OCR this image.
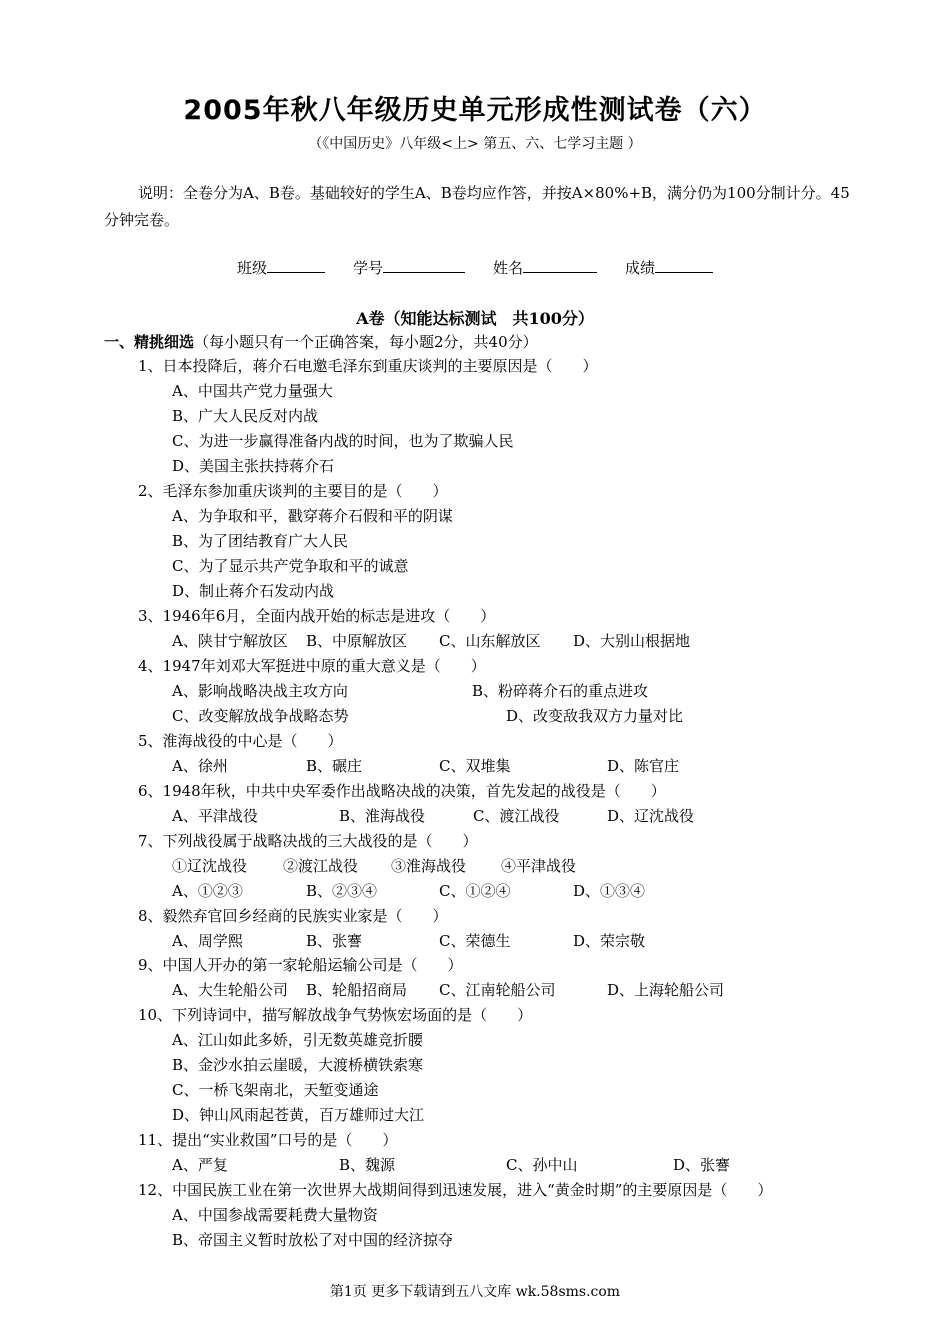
2005年秋八年级历史单元形成性测试卷（六）
（《中国历史》八年级<上> 第五、六、七学习主题 ）
说明：全卷分为A、B卷。基础较好的学生A、B卷均应作答，并按A×80%+B，满分仍为100分制计分。45分钟完卷。
班级	学号	姓名	成绩
A卷（知能达标测试　共100分）
一、精挑细选（每小题只有一个正确答案，每小题2分，共40分）
1、日本投降后，蒋介石电邀毛泽东到重庆谈判的主要原因是（　　）
A、中国共产党力量强大
B、广大人民反对内战
C、为进一步赢得准备内战的时间，也为了欺骗人民
D、美国主张扶持蒋介石
2、毛泽东参加重庆谈判的主要目的是（　　）
A、为争取和平，戳穿蒋介石假和平的阴谋
B、为了团结教育广大人民
C、为了显示共产党争取和平的诚意
D、制止蒋介石发动内战
3、1946年6月，全面内战开始的标志是进攻（　　）
A、陕甘宁解放区 B、中原解放区 C、山东解放区 D、大别山根据地
4、1947年刘邓大军挺进中原的重大意义是（　　）
A、影响战略决战主攻方向	B、粉碎蒋介石的重点进攻
C、改变解放战争战略态势	D、改变敌我双方力量对比
5、淮海战役的中心是（　　）
A、徐州	B、碾庄	C、双堆集	D、陈官庄
6、1948年秋，中共中央军委作出战略决战的决策，首先发起的战役是（　　）
A、平津战役	B、淮海战役	C、渡江战役	D、辽沈战役
7、下列战役属于战略决战的三大战役的是（　　）
①辽沈战役 ②渡江战役 ③淮海战役 ④平津战役
A、①②③	B、②③④	C、①②④	D、①③④
8、毅然弃官回乡经商的民族实业家是（　　）
A、周学熙	B、张謇	C、荣德生	D、荣宗敬
9、中国人开办的第一家轮船运输公司是（　　）
A、大生轮船公司 B、轮船招商局 C、江南轮船公司	D、上海轮船公司
10、下列诗词中，描写解放战争气势恢宏场面的是（　　）
A、江山如此多娇，引无数英雄竞折腰
B、金沙水拍云崖暖，大渡桥横铁索寒
C、一桥飞架南北，天堑变通途
D、钟山风雨起苍黄，百万雄师过大江
11、提出“实业救国”口号的是（　　）
A、严复	B、魏源	C、孙中山	D、张謇
12、中国民族工业在第一次世界大战期间得到迅速发展，进入“黄金时期”的主要原因是（　　）
A、中国参战需要耗费大量物资
B、帝国主义暂时放松了对中国的经济掠夺
第1页 更多下载请到五八文库 wk.58sms.com
